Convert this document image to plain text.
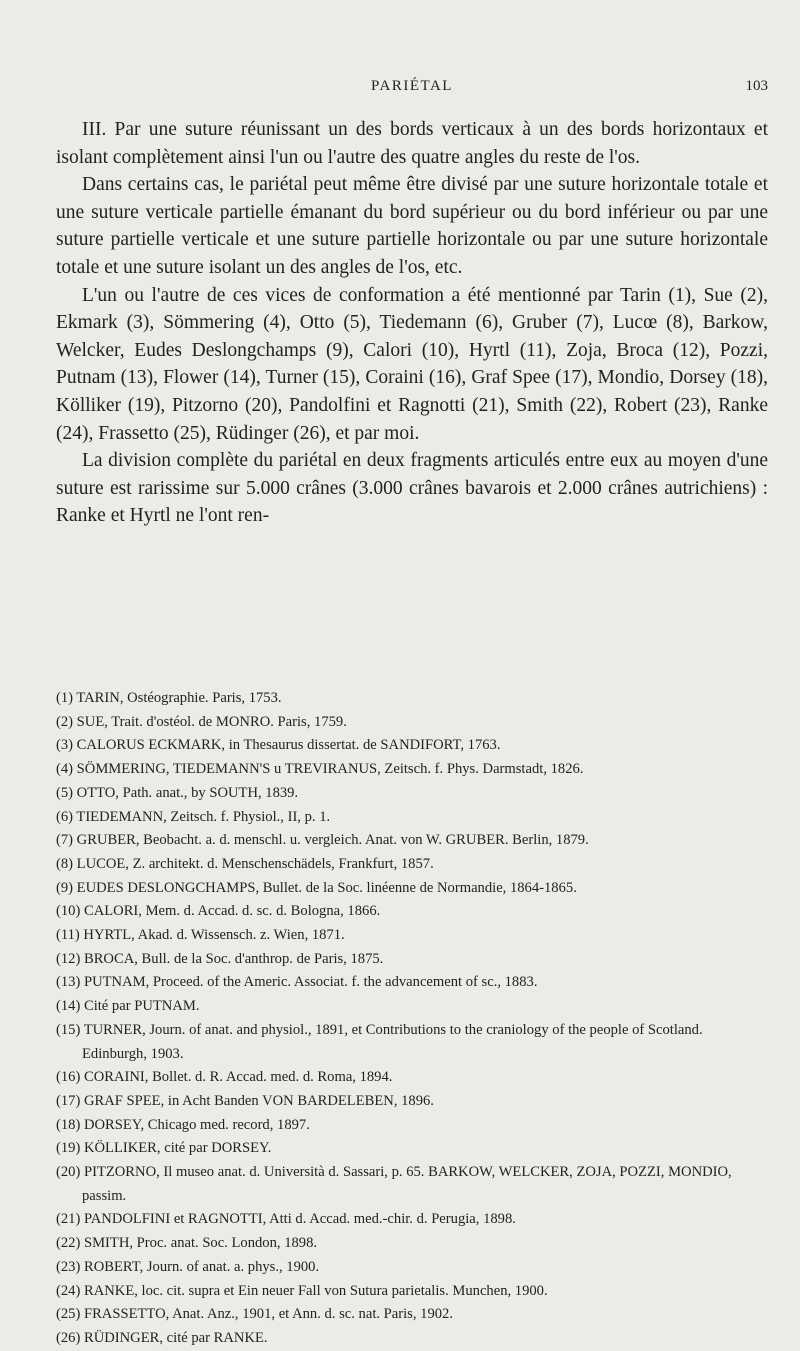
PARIÉTAL	103

III. Par une suture réunissant un des bords verticaux à un des bords horizontaux et isolant complètement ainsi l'un ou l'autre des quatre angles du reste de l'os.

Dans certains cas, le pariétal peut même être divisé par une suture horizontale totale et une suture verticale partielle émanant du bord supérieur ou du bord inférieur ou par une suture partielle verticale et une suture partielle horizontale ou par une suture horizontale totale et une suture isolant un des angles de l'os, etc.

L'un ou l'autre de ces vices de conformation a été mentionné par Tarin (1), Sue (2), Ekmark (3), Sömmering (4), Otto (5), Tiedemann (6), Gruber (7), Lucœ (8), Barkow, Welcker, Eudes Deslongchamps (9), Calori (10), Hyrtl (11), Zoja, Broca (12), Pozzi, Putnam (13), Flower (14), Turner (15), Coraini (16), Graf Spee (17), Mondio, Dorsey (18), Kölliker (19), Pitzorno (20), Pandolfini et Ragnotti (21), Smith (22), Robert (23), Ranke (24), Frassetto (25), Rüdinger (26), et par moi.

La division complète du pariétal en deux fragments articulés entre eux au moyen d'une suture est rarissime sur 5.000 crânes (3.000 crânes bavarois et 2.000 crânes autrichiens) : Ranke et Hyrtl ne l'ont ren-

(1) TARIN, Ostéographie. Paris, 1753.

(2) SUE, Trait. d'ostéol. de MONRO. Paris, 1759.

(3) CALORUS ECKMARK, in Thesaurus dissertat. de SANDIFORT, 1763.

(4) SÖMMERING, TIEDEMANN'S u TREVIRANUS, Zeitsch. f. Phys. Darmstadt, 1826.

(5) OTTO, Path. anat., by SOUTH, 1839.

(6) TIEDEMANN, Zeitsch. f. Physiol., II, p. 1.

(7) GRUBER, Beobacht. a. d. menschl. u. vergleich. Anat. von W. GRUBER. Berlin, 1879.

(8) LUCOE, Z. architekt. d. Menschenschädels, Frankfurt, 1857.

(9) EUDES DESLONGCHAMPS, Bullet. de la Soc. linéenne de Normandie, 1864-1865.

(10) CALORI, Mem. d. Accad. d. sc. d. Bologna, 1866.

(11) HYRTL, Akad. d. Wissensch. z. Wien, 1871.

(12) BROCA, Bull. de la Soc. d'anthrop. de Paris, 1875.

(13) PUTNAM, Proceed. of the Americ. Associat. f. the advancement of sc., 1883.

(14) Cité par PUTNAM.

(15) TURNER, Journ. of anat. and physiol., 1891, et Contributions to the craniology of the people of Scotland. Edinburgh, 1903.

(16) CORAINI, Bollet. d. R. Accad. med. d. Roma, 1894.

(17) GRAF SPEE, in Acht Banden VON BARDELEBEN, 1896.

(18) DORSEY, Chicago med. record, 1897.

(19) KÖLLIKER, cité par DORSEY.

(20) PITZORNO, Il museo anat. d. Università d. Sassari, p. 65. BARKOW, WELCKER, ZOJA, POZZI, MONDIO, passim.

(21) PANDOLFINI et RAGNOTTI, Atti d. Accad. med.-chir. d. Perugia, 1898.

(22) SMITH, Proc. anat. Soc. London, 1898.

(23) ROBERT, Journ. of anat. a. phys., 1900.

(24) RANKE, loc. cit. supra et Ein neuer Fall von Sutura parietalis. Munchen, 1900.

(25) FRASSETTO, Anat. Anz., 1901, et Ann. d. sc. nat. Paris, 1902.

(26) RÜDINGER, cité par RANKE.
